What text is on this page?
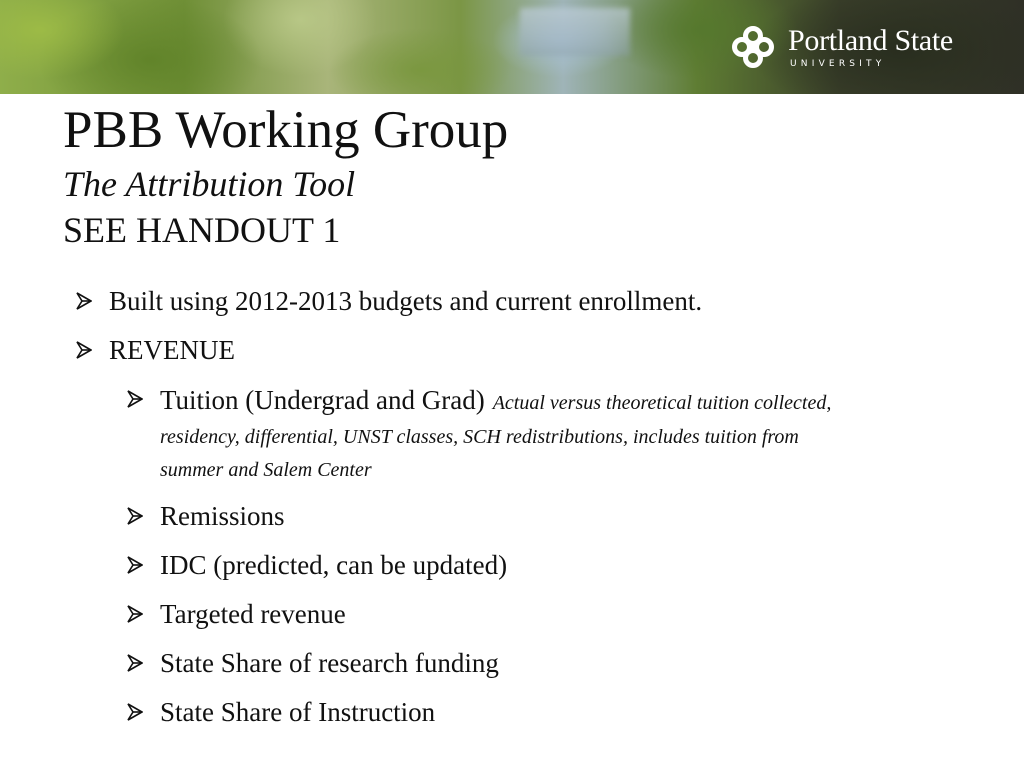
Portland State
UNIVERSITY
PBB Working Group
The Attribution Tool
SEE HANDOUT 1
Built using 2012-2013 budgets and current enrollment.
REVENUE
Tuition (Undergrad and Grad) Actual versus theoretical tuition collected,
residency, differential, UNST classes, SCH redistributions, includes tuition from
summer and Salem Center
Remissions
IDC (predicted, can be updated)
Targeted revenue
State Share of research funding
State Share of Instruction
